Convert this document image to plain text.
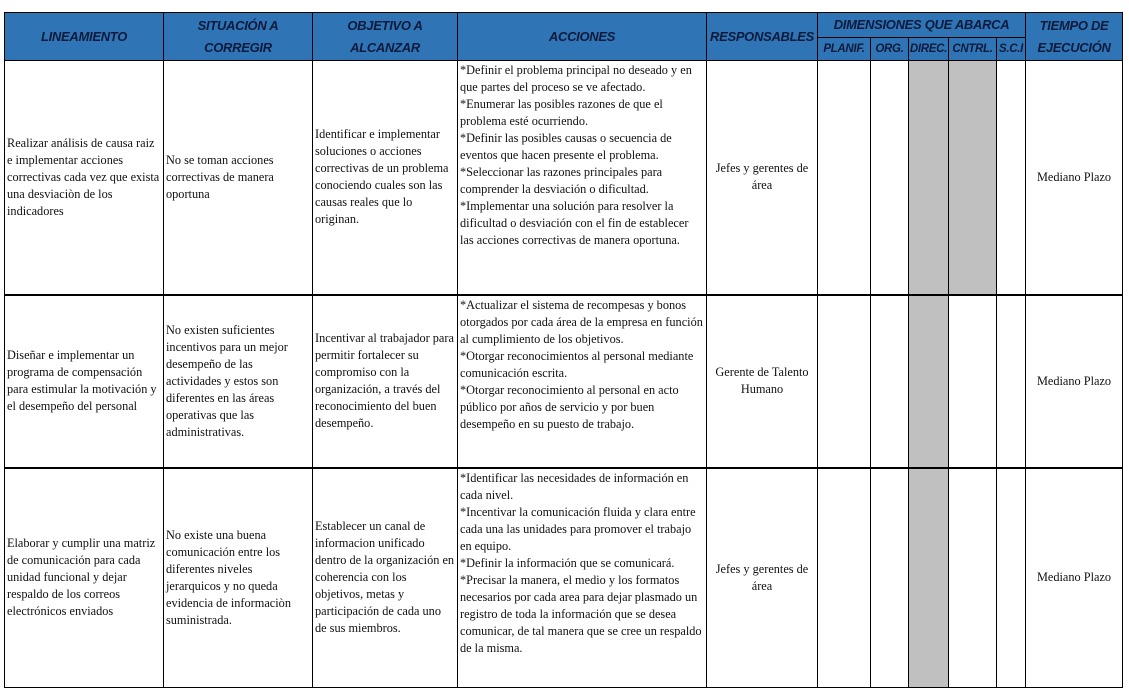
LINEAMIENTO	SITUACIÓN A CORREGIR	OBJETIVO A ALCANZAR	ACCIONES	RESPONSABLES	DIMENSIONES QUE ABARCA					TIEMPO DE EJECUCIÓN
					PLANIF.	ORG.	DIREC.	CNTRL.	S.C.I	
Realizar análisis de causa raiz e implementar acciones correctivas cada vez que exista una desviaciòn de los indicadores	No se toman acciones correctivas de manera oportuna	Identificar e implementar soluciones o acciones correctivas de un problema conociendo cuales son las causas reales que lo originan.	*Definir el problema principal no deseado y en que partes del proceso se ve afectado.
*Enumerar las posibles razones de que el problema esté ocurriendo.
*Definir las posibles causas o secuencia de eventos que hacen presente el problema.
*Seleccionar las razones principales para comprender la desviación o dificultad.
*Implementar una solución para resolver la dificultad o desviación con el fin de establecer las acciones correctivas de manera oportuna.	Jefes y gerentes de área						Mediano Plazo
Diseñar e implementar un programa de compensación para estimular la motivación y el desempeño del personal	No existen suficientes incentivos para un mejor desempeño de las actividades y estos son diferentes en las áreas operativas que las administrativas.	Incentivar al trabajador para permitir fortalecer su compromiso con la organización, a través del reconocimiento del buen desempeño.	*Actualizar el sistema de recompesas y bonos otorgados por cada área de la empresa en función al cumplimiento de los objetivos.
*Otorgar reconocimientos al personal mediante comunicación escrita.
*Otorgar reconocimiento al personal en acto público por años de servicio y por buen desempeño en su puesto de trabajo.	Gerente de Talento Humano						Mediano Plazo
Elaborar y cumplir una matriz de comunicación para cada unidad funcional y dejar respaldo de los correos electrónicos enviados	No existe una buena comunicación entre los diferentes niveles jerarquicos y no queda evidencia de informaciòn suministrada.	Establecer un canal de informacion unificado dentro de la organización en coherencia con los objetivos, metas y participación de cada uno de sus miembros.	*Identificar las necesidades de información en cada nivel.
*Incentivar la comunicación fluida y clara entre cada una las unidades para promover el trabajo en equipo.
*Definir la información que se comunicará.
*Precisar la manera, el medio y los formatos necesarios por cada area para dejar plasmado un registro de toda la información que se desea comunicar, de tal manera que se cree un respaldo de la misma.	Jefes y gerentes de área						Mediano Plazo
